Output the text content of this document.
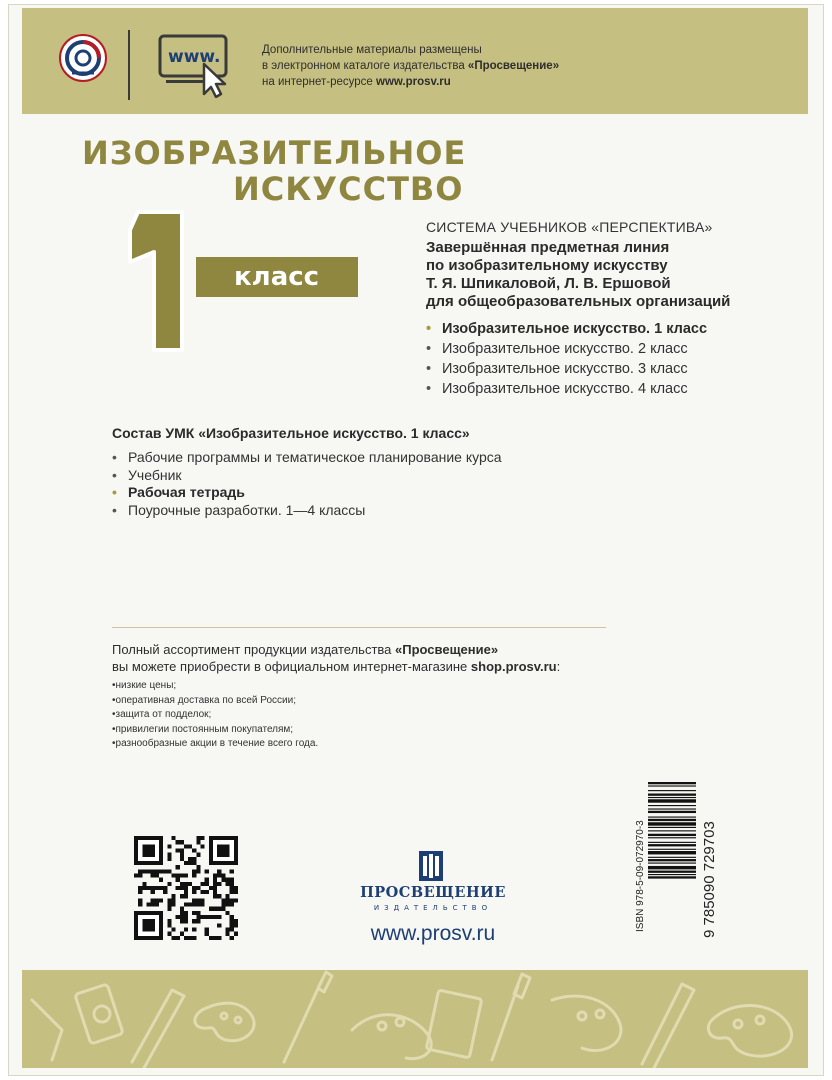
www.	Дополнительные материалы размещены
в электронном каталоге издательства «Просвещение»
на интернет-ресурсе www.prosv.ru
ИЗОБРАЗИТЕЛЬНОЕ
ИСКУССТВО
1
класс
СИСТЕМА УЧЕБНИКОВ «ПЕРСПЕКТИВА»
Завершённая предметная линия
по изобразительному искусству
Т. Я. Шпикаловой, Л. В. Ершовой
для общеобразовательных организаций
• Изобразительное искусство. 1 класс
• Изобразительное искусство. 2 класс
• Изобразительное искусство. 3 класс
• Изобразительное искусство. 4 класс
Состав УМК «Изобразительное искусство. 1 класс»
• Рабочие программы и тематическое планирование курса
• Учебник
• Рабочая тетрадь
• Поурочные разработки. 1—4 классы
Полный ассортимент продукции издательства «Просвещение»
вы можете приобрести в официальном интернет-магазине shop.prosv.ru:
•низкие цены;
•оперативная доставка по всей России;
•защита от подделок;
•привилегии постоянным покупателям;
•разнообразные акции в течение всего года.
ПРОСВЕЩЕНИЕ
ИЗДАТЕЛЬСТВО
www.prosv.ru
ISBN 978-5-09-072970-3	9 785090 729703
